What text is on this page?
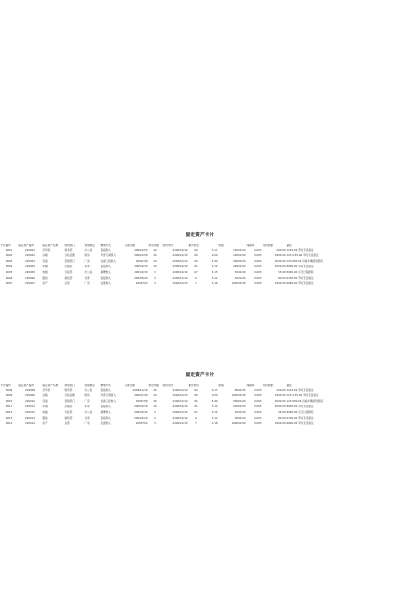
固定资产卡片
卡片编号	固定资产编号	固定资产名称	使用部门	存放地点	增加方式	入账日期	折旧年限	使用月份	累计折旧		原值	残值率	月折旧额	备注
0001	220001	打印机	财务部	办公室	直接购入	2009/12/5	20	2200/10/10	60	3,17	15000.00	0.005	200.00	1234.56 平时无需备注
0002	220002	冰箱	行政后勤	厨房	外部门调拨入	2009/12/8	20	2200/10/10	66	0.00	10000.00	0.005	1800.00	123,4,55.00 平时无需备注
0003	220003	设备	营销部门	厂房	在建工程转入	2009/7/8	20	2200/10/10	65	4.90	50000.00	0.005	2000.00	123,000.00 运输车辆使用损耗
0004	220004	车辆	运输部	车库	直接购入	2005/4/30	10	2200/10/10	61	3.14	20000.00	0.005	2000.00	8900.00 平时无需备注
0005	220005	电脑	行政部	办公室	捐赠转入	2003/4/30	3	2200/10/10	67	3.15	5000.00	0.005	35.00	8900.00 运行过程损耗
0006	220006	服装	销售部	仓库	直接购入	2004/5/20	3	2200/10/10	6	3.12	3000.00	0.005	80.00	6700.00 平时无需备注
0007	220007	房产	总部	厂房	在建转入	2005/5/4	3	2200/10/10	7	3.18	100000.00	0.005	1800.00	6800.00 平时无需备注
固定资产卡片
卡片编号	固定资产编号	固定资产名称	使用部门	存放地点	增加方式	入账日期	折旧年限	使用月份	累计折旧		原值	残值率	月折旧额	备注
0008	220008	打印机	财务部	办公室	直接购入	2009/12/10	20	2200/10/10	60	3.17	8000.00	0.005	200.00	1234.56 平时无需备注
0009	220009	冰箱	行政后勤	厨房	外部门调拨入	2009/11/8	20	2200/10/10	66	0.00	100000.00	0.005	1800.00	123,4,55.00 平时无需备注
0010	220010	设备	营销部门	厂房	在建工程转入	2009/7/8	20	2200/10/10	65	4.90	50000.00	0.005	2000.00	123,000.00 运输车辆使用损耗
0011	220011	车辆	运输部	车库	直接购入	2005/4/30	10	2200/10/10	61	3.14	20000.00	0.005	2000.00	8900.00 平时无需备注
0012	220012	电脑	行政部	办公室	捐赠转入	2003/4/30	3	2200/10/10	67	3.15	5000.00	0.005	35.00	8900.00 运行过程损耗
0013	220013	服装	销售部	仓库	直接购入	2004/5/20	3	2200/10/10	6	3.12	3000.00	0.005	80.00	6700.00 平时无需备注
0014	220014	房产	总部	厂房	在建转入	2005/5/4	3	2200/10/10	7	3.18	100000.00	0.005	1800.00	6800.00 平时无需备注
